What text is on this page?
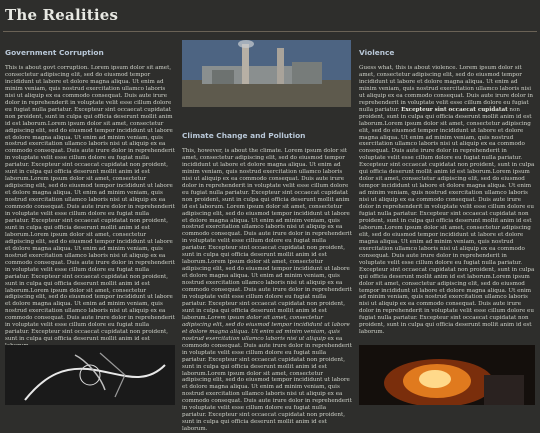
The Realities
Government Corruption

This is about govt corruption. Lorem ipsum dolor sit amet, consectetur adipiscing elit, sed do eiusmod tempor incididunt ut labore et dolore magna aliqua. Ut enim ad minim veniam, quis nostrud exercitation ullamco laboris nisi ut aliquip ex ea commodo consequat. Duis aute irure dolor in reprehenderit in voluptate velit esse cillum dolore eu fugiat nulla pariatur. Excepteur sint occaecat cupidatat non proident, sunt in culpa qui officia deserunt mollit anim id est laborum.Lorem ipsum dolor sit amet, consectetur adipiscing elit, sed do eiusmod tempor incididunt ut labore et dolore magna aliqua. Ut enim ad minim veniam, quis nostrud exercitation ullamco laboris nisi ut aliquip ex ea commodo consequat. Duis aute irure dolor in reprehenderit in voluptate velit esse cillum dolore eu fugiat nulla pariatur. Excepteur sint occaecat cupidatat non proident, sunt in culpa qui officia deserunt mollit anim id est laborum.Lorem ipsum dolor sit amet, consectetur adipiscing elit, sed do eiusmod tempor incididunt ut labore et dolore magna aliqua. Ut enim ad minim veniam, quis nostrud exercitation ullamco laboris nisi ut aliquip ex ea commodo consequat. Duis aute irure dolor in reprehenderit in voluptate velit esse cillum dolore eu fugiat nulla pariatur. Excepteur sint occaecat cupidatat non proident, sunt in culpa qui officia deserunt mollit anim id est laborum.Lorem ipsum dolor sit amet, consectetur adipiscing elit, sed do eiusmod tempor incididunt ut labore et dolore magna aliqua. Ut enim ad minim veniam, quis nostrud exercitation ullamco laboris nisi ut aliquip ex ea commodo consequat. Duis aute irure dolor in reprehenderit in voluptate velit esse cillum dolore eu fugiat nulla pariatur. Excepteur sint occaecat cupidatat non proident, sunt in culpa qui officia deserunt mollit anim id est laborum.Lorem ipsum dolor sit amet, consectetur adipiscing elit, sed do eiusmod tempor incididunt ut labore et dolore magna aliqua. Ut enim ad minim veniam, quis nostrud exercitation ullamco laboris nisi ut aliquip ex ea commodo consequat. Duis aute irure dolor in reprehenderit in voluptate velit esse cillum dolore eu fugiat nulla pariatur. Excepteur sint occaecat cupidatat non proident, sunt in culpa qui officia deserunt mollit anim id est

Climate Change and Pollution

This, however, is about the climate. Lorem ipsum dolor sit amet, consectetur adipiscing elit, sed do eiusmod tempor incididunt ut labore et dolore magna aliqua. Ut enim ad minim veniam, quis nostrud exercitation ullamco laboris nisi ut aliquip ex ea commodo consequat. Duis aute irure dolor in reprehenderit in voluptate velit esse cillum dolore eu fugiat nulla pariatur. Excepteur sint occaecat cupidatat non proident, sunt in culpa qui officia deserunt mollit anim id est laborum. Lorem ipsum dolor sit amet, consectetur adipiscing elit, sed do eiusmod tempor incididunt ut labore et dolore magna aliqua. Ut enim ad minim veniam, quis nostrud exercitation ullamco laboris nisi ut aliquip ex ea commodo consequat. Duis aute irure dolor in reprehenderit in voluptate velit esse cillum dolore eu fugiat nulla pariatur. Excepteur sint occaecat cupidatat non proident, sunt in culpa qui officia deserunt mollit anim id est laborum.Lorem ipsum dolor sit amet, consectetur adipiscing elit, sed do eiusmod tempor incididunt ut labore et dolore magna aliqua. Ut enim ad minim veniam, quis nostrud exercitation ullamco laboris nisi ut aliquip ex ea commodo consequat. Duis aute irure dolor in reprehenderit in voluptate velit esse cillum dolore eu fugiat nulla pariatur. Excepteur sint occaecat cupidatat non proident, sunt in culpa qui officia deserunt mollit anim id est laborum.Lorem ipsum dolor sit amet, consectetur adipiscing elit, sed do eiusmod tempor incididunt ut labore et dolore magna aliqua. Ut enim ad minim veniam, quis nostrud exercitation ullamco laboris nisi ut aliquip ex ea commodo consequat. Duis aute irure dolor in reprehenderit in voluptate velit esse cillum dolore eu fugiat nulla pariatur. Excepteur sint occaecat cupidatat non proident, sunt in culpa qui officia deserunt mollit anim id est laborum.Lorem ipsum dolor sit amet, consectetur adipiscing elit, sed do eiusmod tempor incididunt ut labore et dolore magna aliqua. Ut enim ad minim veniam, quis nostrud exercitation ullamco laboris nisi ut aliquip ex ea commodo consequat. Duis aute irure dolor in reprehenderit in voluptate velit esse cillum dolore eu fugiat nulla pariatur. Excepteur sint occaecat cupidatat non proident, sunt in culpa qui officia deserunt mollit anim id est laborum.

Violence

Guess what, this is about violence. Lorem ipsum dolor sit amet, consectetur adipiscing elit, sed do eiusmod tempor incididunt ut labore et dolore magna aliqua. Ut enim ad minim veniam, quis nostrud exercitation ullamco laboris nisi ut aliquip ex ea commodo consequat. Duis aute irure dolor in reprehenderit in voluptate velit esse cillum dolore eu fugiat nulla pariatur. Excepteur sint occaecat cupidatat non proident, sunt in culpa qui officia deserunt mollit anim id est laborum.Lorem ipsum dolor sit amet, consectetur adipiscing elit, sed do eiusmod tempor incididunt ut labore et dolore magna aliqua. Ut enim ad minim veniam, quis nostrud exercitation ullamco laboris nisi ut aliquip ex ea commodo consequat. Duis aute irure dolor in reprehenderit in voluptate velit esse cillum dolore eu fugiat nulla pariatur. Excepteur sint occaecat cupidatat non proident, sunt in culpa qui officia deserunt mollit anim id est laborum.Lorem ipsum dolor sit amet, consectetur adipiscing elit, sed do eiusmod tempor incididunt ut labore et dolore magna aliqua. Ut enim ad minim veniam, quis nostrud exercitation ullamco laboris nisi ut aliquip ex ea commodo consequat. Duis aute irure dolor in reprehenderit in voluptate velit esse cillum dolore eu fugiat nulla pariatur. Excepteur sint occaecat cupidatat non proident, sunt in culpa qui officia deserunt mollit anim id est laborum.Lorem ipsum dolor sit amet, consectetur adipiscing elit, sed do eiusmod tempor incididunt ut labore et dolore magna aliqua. Ut enim ad minim veniam, quis nostrud exercitation ullamco laboris nisi ut aliquip ex ea commodo consequat. Duis aute irure dolor in reprehenderit in voluptate velit esse cillum dolore eu fugiat nulla pariatur. Excepteur sint occaecat cupidatat non proident, sunt in culpa qui officia deserunt mollit anim id est laborum.Lorem ipsum dolor sit amet, consectetur adipiscing elit, sed do eiusmod tempor incididunt ut labore et dolore magna aliqua. Ut enim ad minim veniam, quis nostrud exercitation ullamco laboris nisi ut aliquip ex ea commodo consequat. Duis aute irure dolor in reprehenderit in voluptate velit esse cillum dolore eu fugiat nulla pariatur. Excepteur sint occaecat cupidatat non proident, sunt in culpa qui officia deserunt mollit anim id est laborum.
